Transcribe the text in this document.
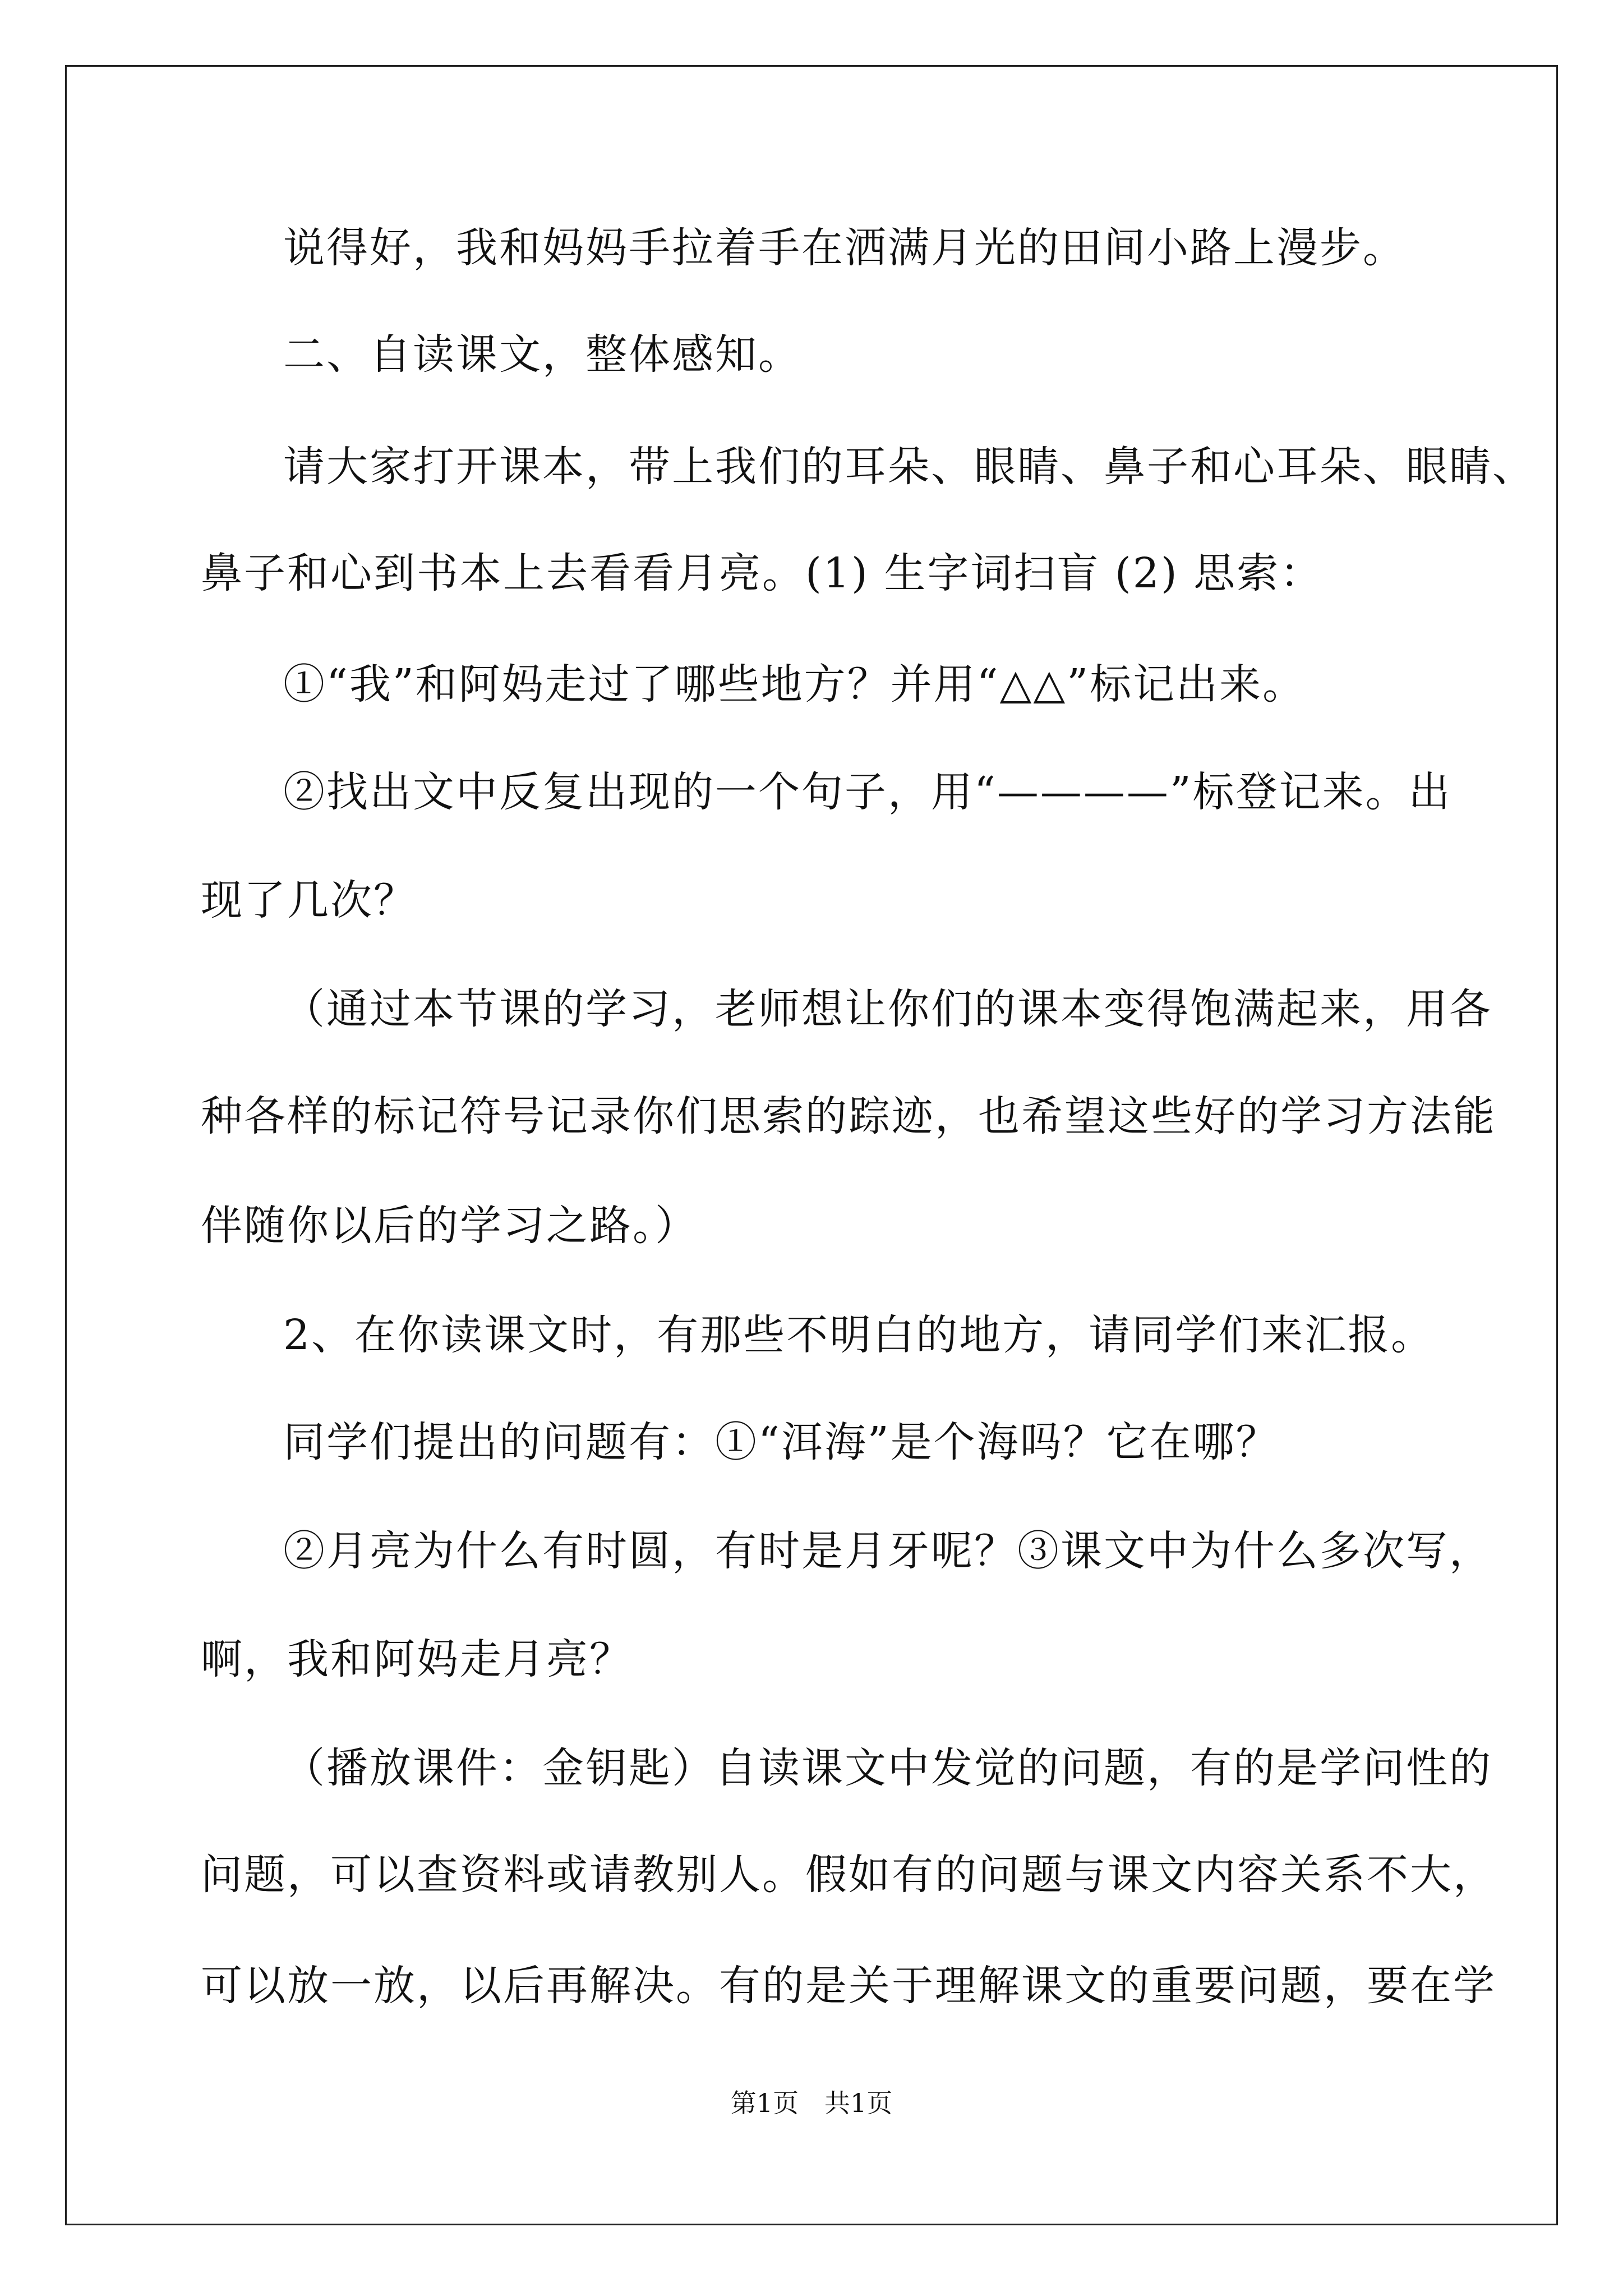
说得好，我和妈妈手拉着手在洒满月光的田间小路上漫步。
二、自读课文，整体感知。
请大家打开课本，带上我们的耳朵、眼睛、鼻子和心耳朵、眼睛、
鼻子和心到书本上去看看月亮。(1) 生字词扫盲 (2) 思索：
①“我”和阿妈走过了哪些地方？并用“△△”标记出来。
②找出文中反复出现的一个句子，用“————”标登记来。出
现了几次？
（通过本节课的学习，老师想让你们的课本变得饱满起来，用各
种各样的标记符号记录你们思索的踪迹，也希望这些好的学习方法能
伴随你以后的学习之路。）
2、在你读课文时，有那些不明白的地方，请同学们来汇报。
同学们提出的问题有：①“洱海”是个海吗？它在哪？
②月亮为什么有时圆，有时是月牙呢？③课文中为什么多次写，
啊，我和阿妈走月亮？
（播放课件：金钥匙）自读课文中发觉的问题，有的是学问性的
问题，可以查资料或请教别人。假如有的问题与课文内容关系不大，
可以放一放，以后再解决。有的是关于理解课文的重要问题，要在学
第1页　共1页
